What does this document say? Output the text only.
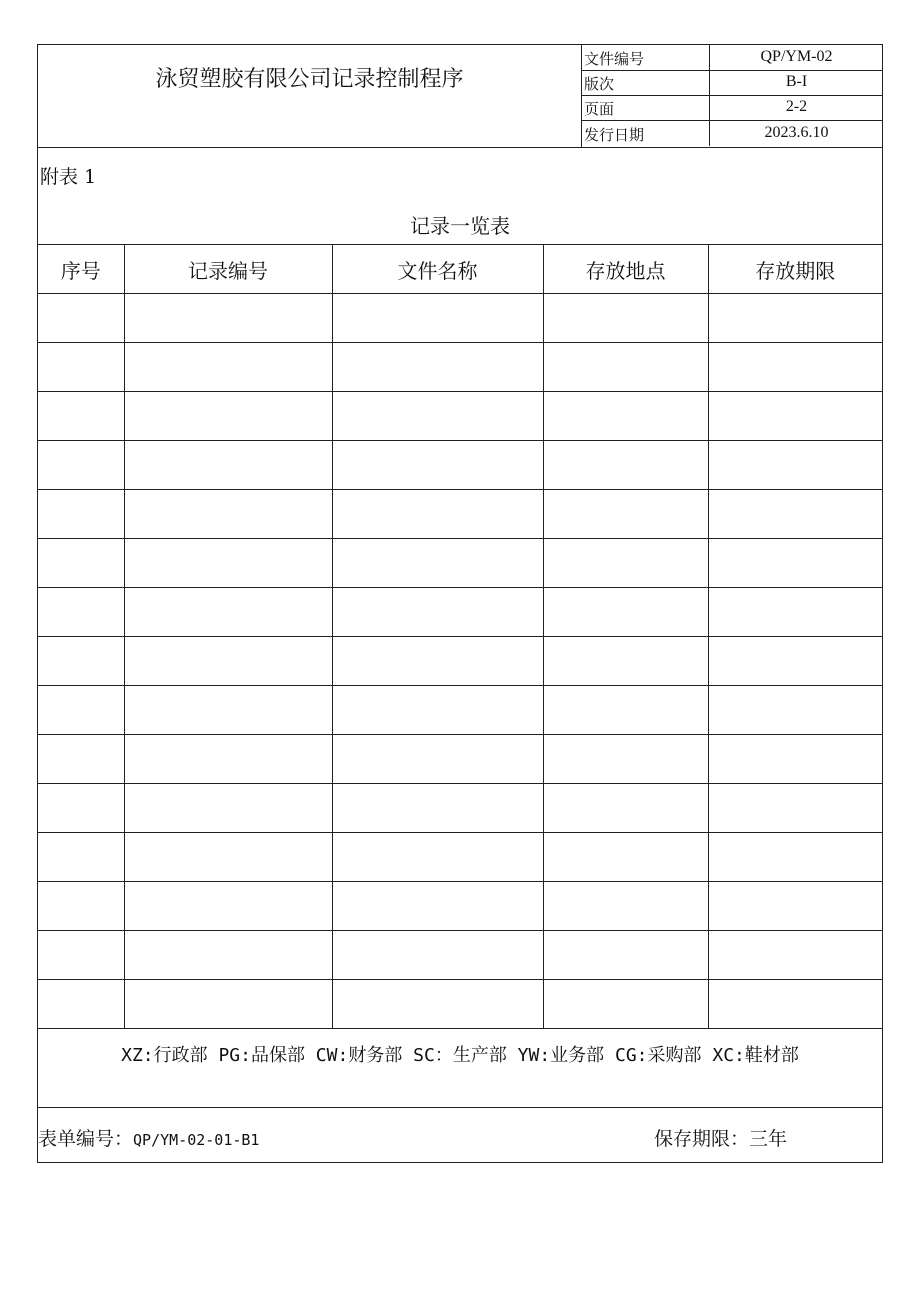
泳贸塑胶有限公司记录控制程序
文件编号	QP/YM-02
版次	B-I
页面	2-2
发行日期	2023.6.10
附表 1
记录一览表
序号	记录编号	文件名称	存放地点	存放期限

XZ:行政部 PG:品保部 CW:财务部 SC：生产部 YW:业务部 CG:采购部 XC:鞋材部
表单编号：QP/YM-02-01-B1	保存期限：三年
